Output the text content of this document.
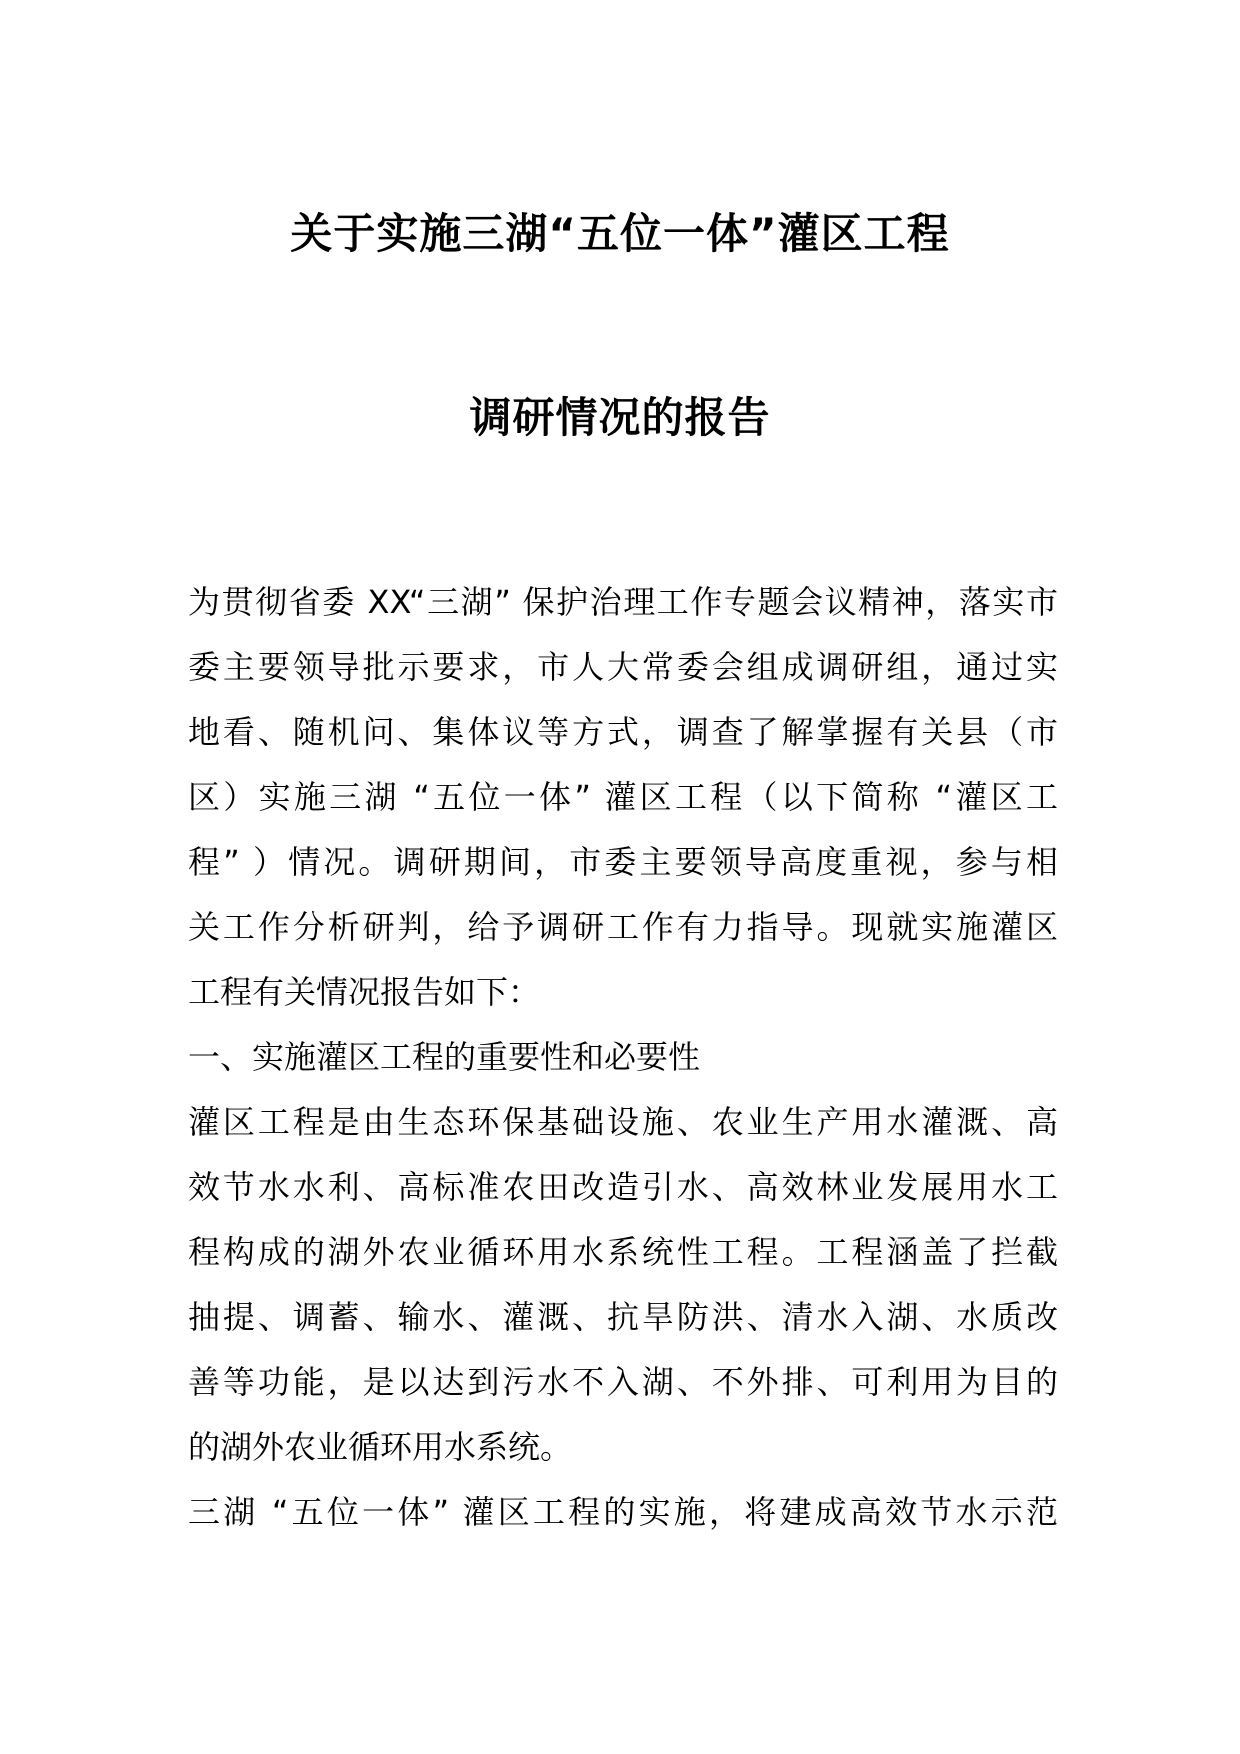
关于实施三湖“五位一体”灌区工程
调研情况的报告

为贯彻省委 XX“三湖” 保护治理工作专题会议精神，落实市

委主要领导批示要求，市人大常委会组成调研组，通过实

地看、随机问、集体议等方式，调查了解掌握有关县（市

区）实施三湖 “五位一体” 灌区工程（以下简称 “灌区工

程” ）情况。调研期间，市委主要领导高度重视，参与相

关工作分析研判，给予调研工作有力指导。现就实施灌区

工程有关情况报告如下：

一、实施灌区工程的重要性和必要性

灌区工程是由生态环保基础设施、农业生产用水灌溉、高

效节水水利、高标准农田改造引水、高效林业发展用水工

程构成的湖外农业循环用水系统性工程。工程涵盖了拦截

抽提、调蓄、输水、灌溉、抗旱防洪、清水入湖、水质改

善等功能，是以达到污水不入湖、不外排、可利用为目的

的湖外农业循环用水系统。

三湖 “五位一体” 灌区工程的实施，将建成高效节水示范
